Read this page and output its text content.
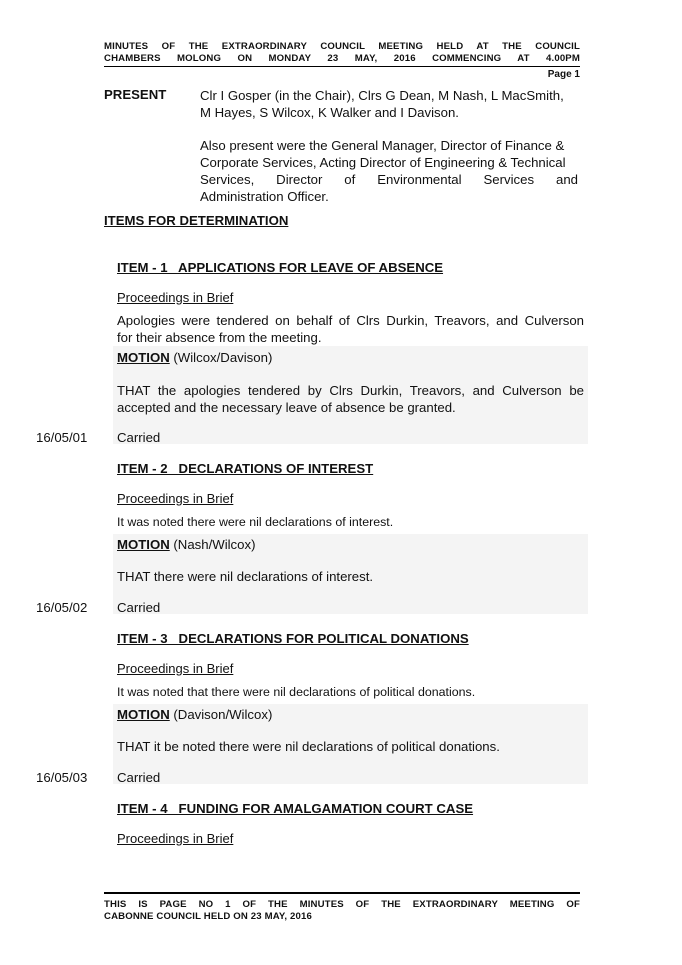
MINUTES OF THE EXTRAORDINARY COUNCIL MEETING HELD AT THE COUNCIL
CHAMBERS MOLONG ON MONDAY 23 MAY, 2016 COMMENCING AT 4.00PM
Page 1
PRESENT	Clr I Gosper (in the Chair), Clrs G Dean, M Nash, L MacSmith,
M Hayes, S Wilcox, K Walker and I Davison.
Also present were the General Manager, Director of Finance &
Corporate Services, Acting Director of Engineering & Technical
Services, Director of Environmental Services and
Administration Officer.
ITEMS FOR DETERMINATION
ITEM - 1   APPLICATIONS FOR LEAVE OF ABSENCE
Proceedings in Brief
Apologies were tendered on behalf of Clrs Durkin, Treavors, and Culverson
for their absence from the meeting.
MOTION (Wilcox/Davison)
THAT the apologies tendered by Clrs Durkin, Treavors, and Culverson be
accepted and the necessary leave of absence be granted.
16/05/01 Carried
ITEM - 2   DECLARATIONS OF INTEREST
Proceedings in Brief
It was noted there were nil declarations of interest.
MOTION (Nash/Wilcox)
THAT there were nil declarations of interest.
16/05/02 Carried
ITEM - 3   DECLARATIONS FOR POLITICAL DONATIONS
Proceedings in Brief
It was noted that there were nil declarations of political donations.
MOTION (Davison/Wilcox)
THAT it be noted there were nil declarations of political donations.
16/05/03 Carried
ITEM - 4   FUNDING FOR AMALGAMATION COURT CASE
Proceedings in Brief
THIS IS PAGE NO 1 OF THE MINUTES OF THE EXTRAORDINARY MEETING OF
CABONNE COUNCIL HELD ON 23 MAY, 2016
